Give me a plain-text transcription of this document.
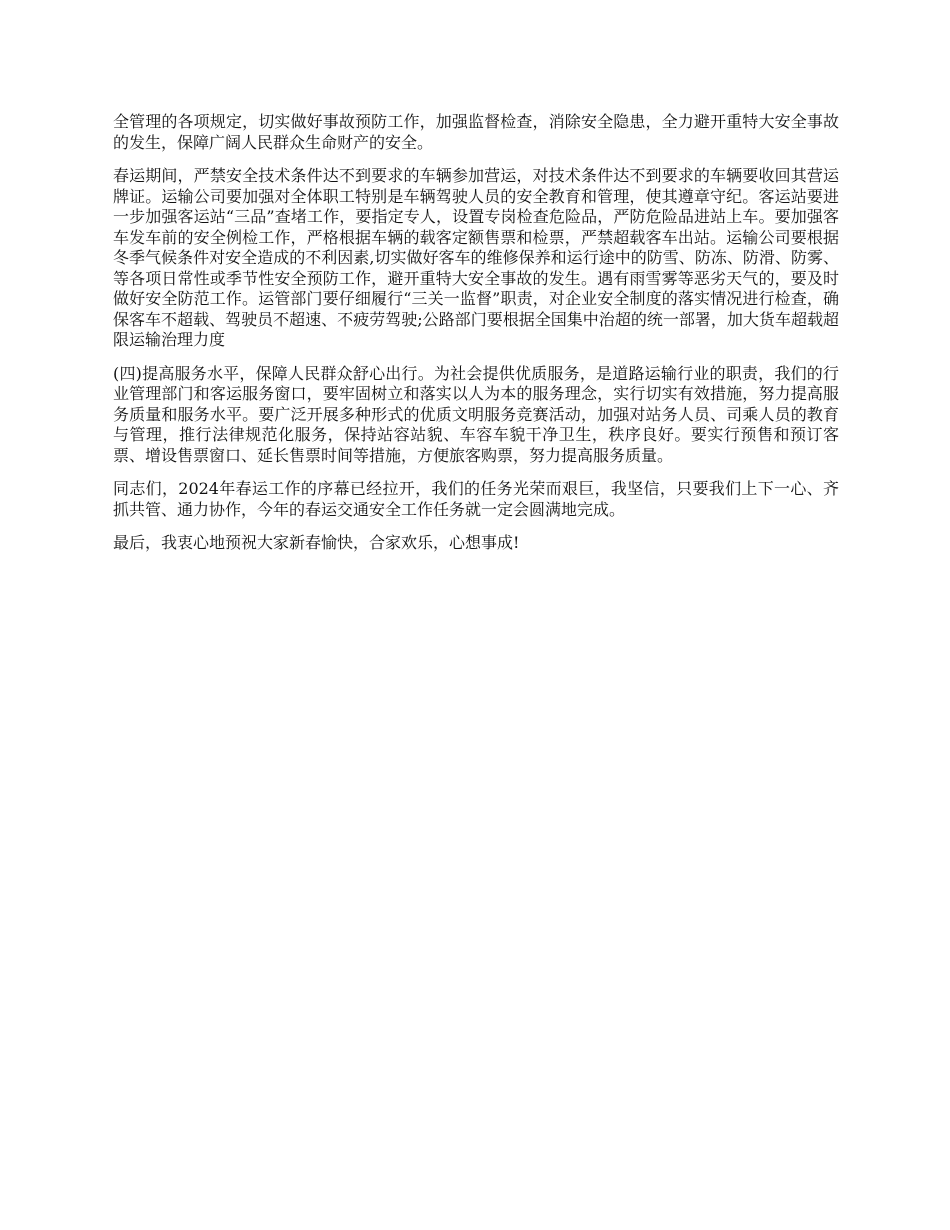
全管理的各项规定，切实做好事故预防工作，加强监督检查，消除安全隐患，全力避开重特大安全事故的发生，保障广阔人民群众生命财产的安全。

春运期间，严禁安全技术条件达不到要求的车辆参加营运，对技术条件达不到要求的车辆要收回其营运牌证。运输公司要加强对全体职工特别是车辆驾驶人员的安全教育和管理，使其遵章守纪。客运站要进一步加强客运站“三品”查堵工作，要指定专人，设置专岗检查危险品，严防危险品进站上车。要加强客车发车前的安全例检工作，严格根据车辆的载客定额售票和检票，严禁超载客车出站。运输公司要根据冬季气候条件对安全造成的不利因素,切实做好客车的维修保养和运行途中的防雪、防冻、防滑、防雾、等各项日常性或季节性安全预防工作，避开重特大安全事故的发生。遇有雨雪雾等恶劣天气的，要及时做好安全防范工作。运管部门要仔细履行“三关一监督”职责，对企业安全制度的落实情况进行检查，确保客车不超载、驾驶员不超速、不疲劳驾驶;公路部门要根据全国集中治超的统一部署，加大货车超载超限运输治理力度

(四)提高服务水平，保障人民群众舒心出行。为社会提供优质服务，是道路运输行业的职责，我们的行业管理部门和客运服务窗口，要牢固树立和落实以人为本的服务理念，实行切实有效措施，努力提高服务质量和服务水平。要广泛开展多种形式的优质文明服务竞赛活动，加强对站务人员、司乘人员的教育与管理，推行法律规范化服务，保持站容站貌、车容车貌干净卫生，秩序良好。要实行预售和预订客票、增设售票窗口、延长售票时间等措施，方便旅客购票，努力提高服务质量。

同志们，2024年春运工作的序幕已经拉开，我们的任务光荣而艰巨，我坚信，只要我们上下一心、齐抓共管、通力协作，今年的春运交通安全工作任务就一定会圆满地完成。

最后，我衷心地预祝大家新春愉快，合家欢乐，心想事成!
